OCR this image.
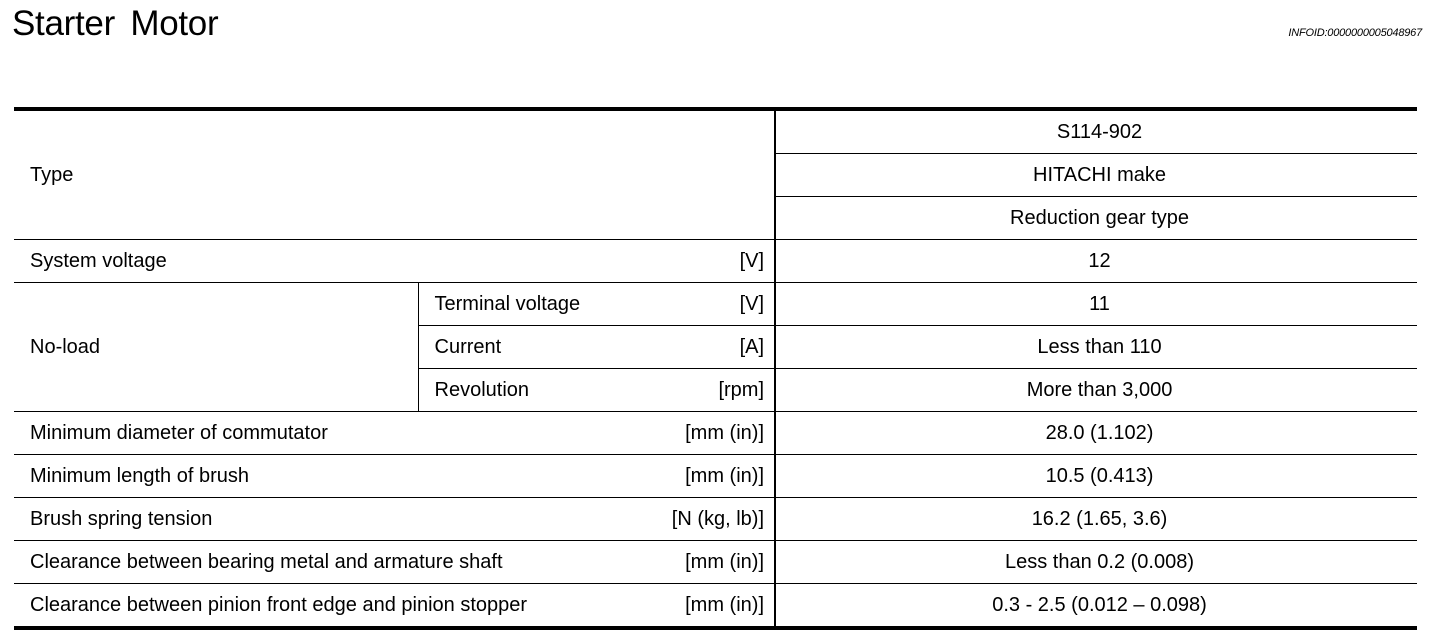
Starter Motor	INFOID:0000000005048967
Type		S114-902
		HITACHI make
		Reduction gear type

System voltage [V]		12
No-load	Terminal voltage [V]	11

	Current [A]	Less than 110

	Revolution [rpm]	More than 3,000

Minimum diameter of commutator [mm (in)]		28.0 (1.102)

Minimum length of brush [mm (in)]		10.5 (0.413)

Brush spring tension [N (kg, lb)]		16.2 (1.65, 3.6)

Clearance between bearing metal and armature shaft [mm (in)]		Less than 0.2 (0.008)

Clearance between pinion front edge and pinion stopper [mm (in)]		0.3 - 2.5 (0.012 – 0.098)
